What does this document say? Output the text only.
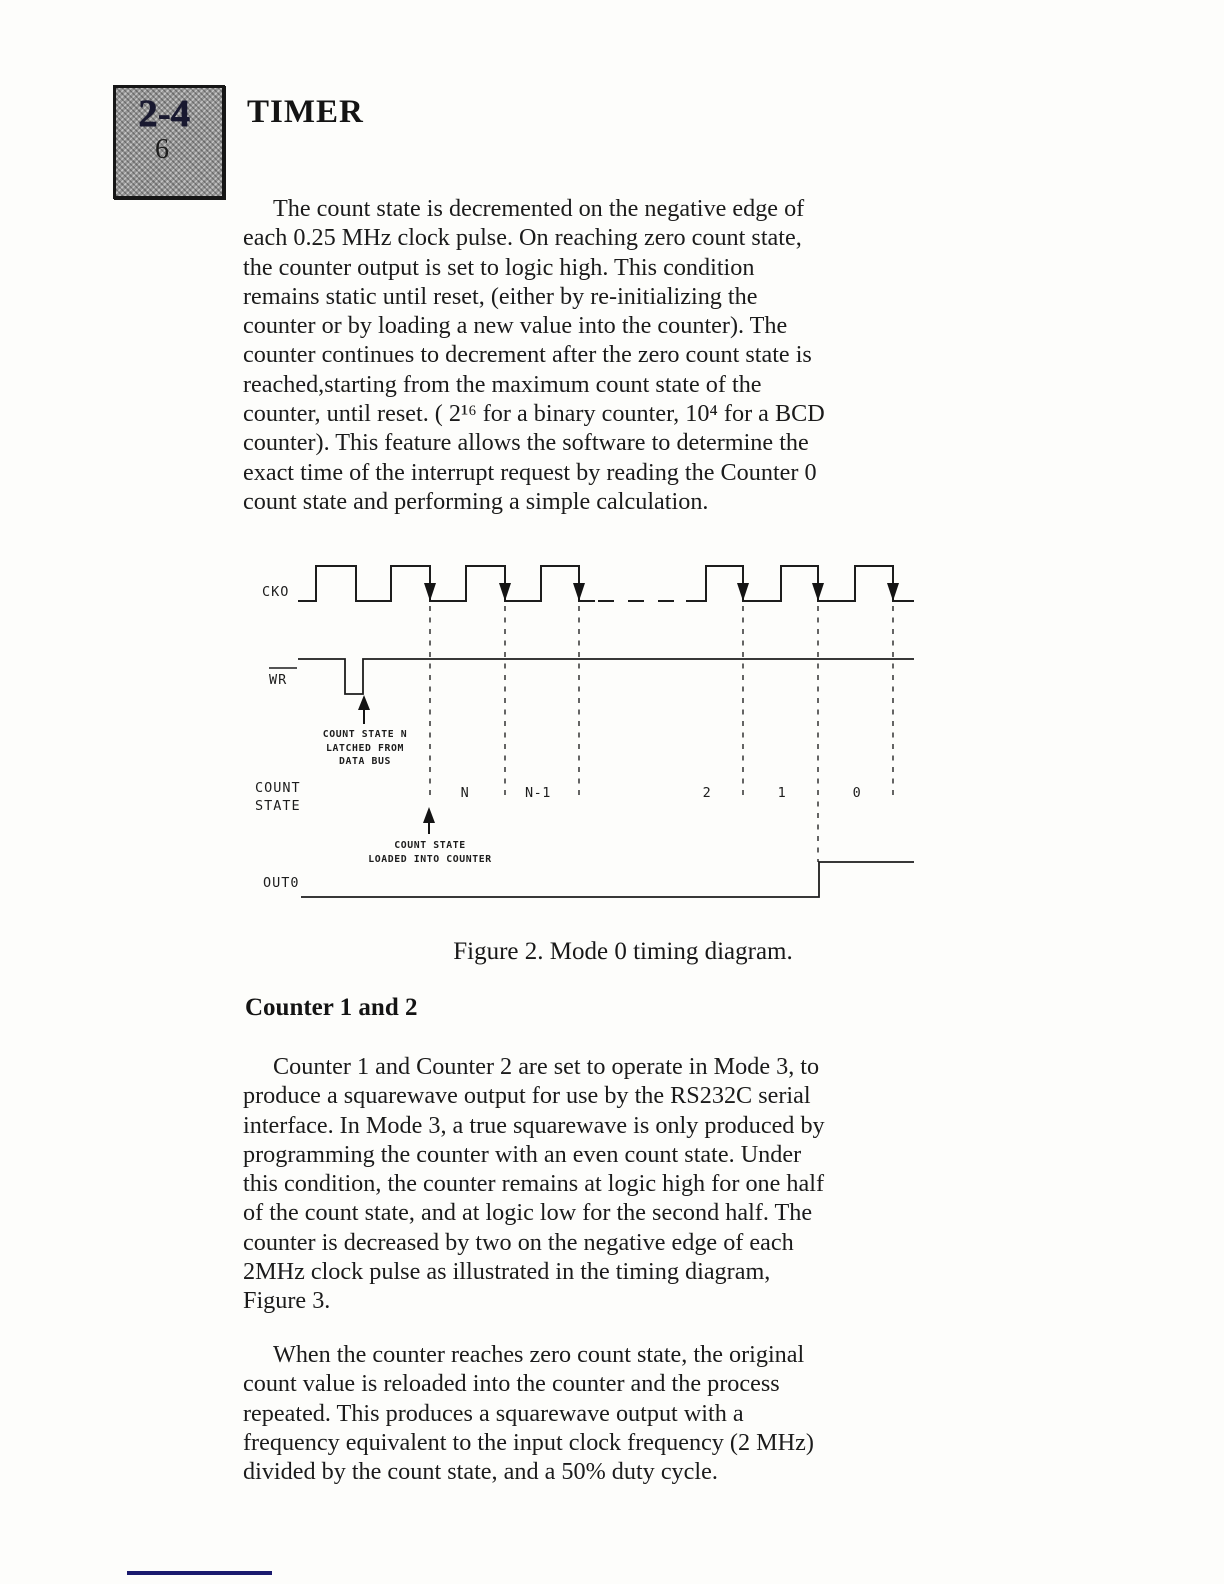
2-4
6
TIMER
The count state is decremented on the negative edge of
each 0.25 MHz clock pulse. On reaching zero count state,
the counter output is set to logic high. This condition
remains static until reset, (either by re-initializing the
counter or by loading a new value into the counter). The
counter continues to decrement after the zero count state is
reached,starting from the maximum count state of the
counter, until reset. ( 2¹⁶ for a binary counter, 10⁴ for a BCD
counter). This feature allows the software to determine the
exact time of the interrupt request by reading the Counter 0
count state and performing a simple calculation.
CKO
WR
COUNT STATE N
LATCHED FROM
DATA BUS
COUNT
STATE
N	N-1	2	1	0
COUNT STATE
LOADED INTO COUNTER
OUT0
Figure 2. Mode 0 timing diagram.
Counter 1 and 2
Counter 1 and Counter 2 are set to operate in Mode 3, to
produce a squarewave output for use by the RS232C serial
interface. In Mode 3, a true squarewave is only produced by
programming the counter with an even count state. Under
this condition, the counter remains at logic high for one half
of the count state, and at logic low for the second half. The
counter is decreased by two on the negative edge of each
2MHz clock pulse as illustrated in the timing diagram,
Figure 3.
When the counter reaches zero count state, the original
count value is reloaded into the counter and the process
repeated. This produces a squarewave output with a
frequency equivalent to the input clock frequency (2 MHz)
divided by the count state, and a 50% duty cycle.
